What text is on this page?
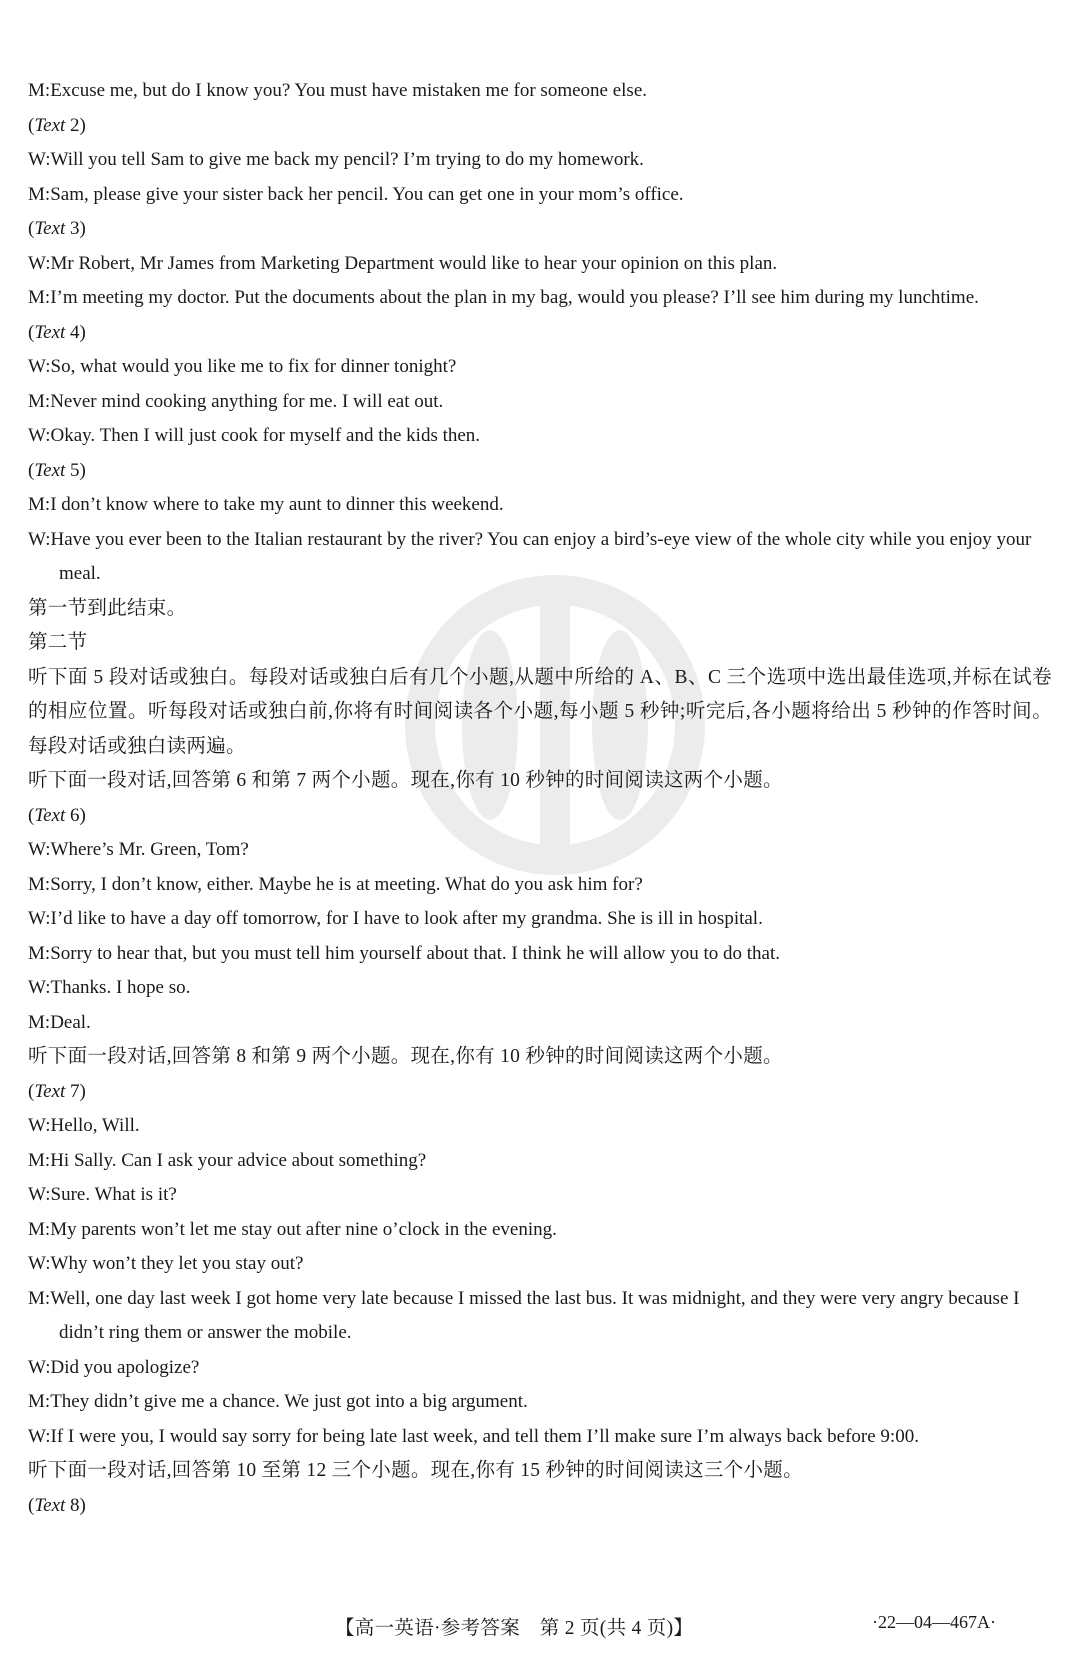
M:Excuse me, but do I know you? You must have mistaken me for someone else.
(Text 2)
W:Will you tell Sam to give me back my pencil? I’m trying to do my homework.
M:Sam, please give your sister back her pencil. You can get one in your mom’s office.
(Text 3)
W:Mr Robert, Mr James from Marketing Department would like to hear your opinion on this plan.
M:I’m meeting my doctor. Put the documents about the plan in my bag, would you please? I’ll see him during my lunchtime.
(Text 4)
W:So, what would you like me to fix for dinner tonight?
M:Never mind cooking anything for me. I will eat out.
W:Okay. Then I will just cook for myself and the kids then.
(Text 5)
M:I don’t know where to take my aunt to dinner this weekend.
W:Have you ever been to the Italian restaurant by the river? You can enjoy a bird’s-eye view of the whole city while you enjoy your meal.
第一节到此结束。
第二节
听下面 5 段对话或独白。每段对话或独白后有几个小题,从题中所给的 A、B、C 三个选项中选出最佳选项,并标在试卷的相应位置。听每段对话或独白前,你将有时间阅读各个小题,每小题 5 秒钟;听完后,各小题将给出 5 秒钟的作答时间。每段对话或独白读两遍。
听下面一段对话,回答第 6 和第 7 两个小题。现在,你有 10 秒钟的时间阅读这两个小题。
(Text 6)
W:Where’s Mr. Green, Tom?
M:Sorry, I don’t know, either. Maybe he is at meeting. What do you ask him for?
W:I’d like to have a day off tomorrow, for I have to look after my grandma. She is ill in hospital.
M:Sorry to hear that, but you must tell him yourself about that. I think he will allow you to do that.
W:Thanks. I hope so.
M:Deal.
听下面一段对话,回答第 8 和第 9 两个小题。现在,你有 10 秒钟的时间阅读这两个小题。
(Text 7)
W:Hello, Will.
M:Hi Sally. Can I ask your advice about something?
W:Sure. What is it?
M:My parents won’t let me stay out after nine o’clock in the evening.
W:Why won’t they let you stay out?
M:Well, one day last week I got home very late because I missed the last bus. It was midnight, and they were very angry because I didn’t ring them or answer the mobile.
W:Did you apologize?
M:They didn’t give me a chance. We just got into a big argument.
W:If I were you, I would say sorry for being late last week, and tell them I’ll make sure I’m always back before 9:00.
听下面一段对话,回答第 10 至第 12 三个小题。现在,你有 15 秒钟的时间阅读这三个小题。
(Text 8)
【高一英语·参考答案　第 2 页(共 4 页)】	·22—04—467A·
